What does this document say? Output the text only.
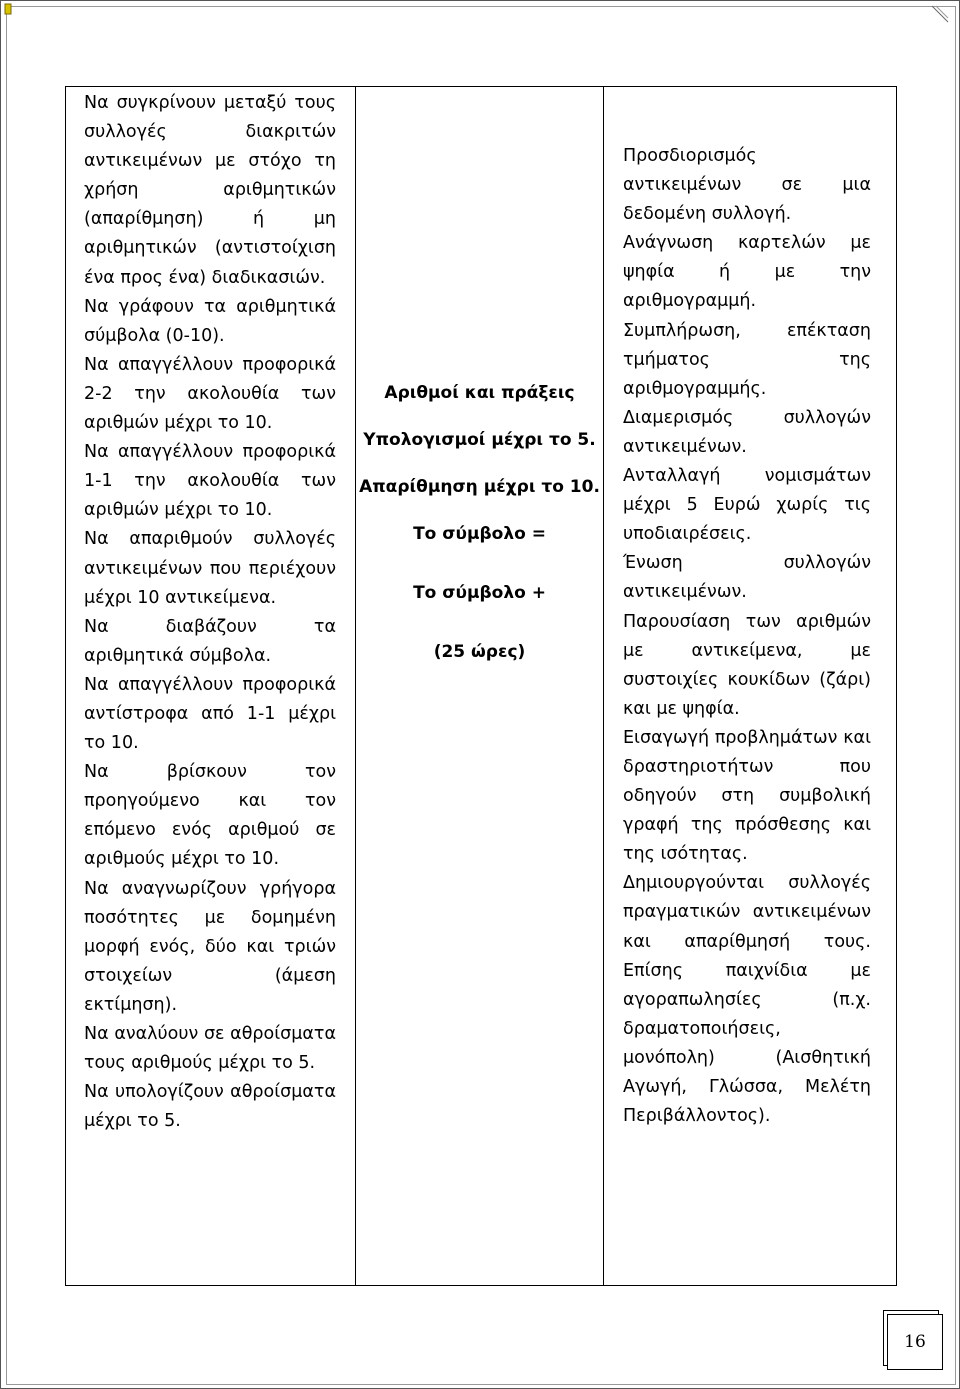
Να συγκρίνουν μεταξύ τους συλλογές διακριτών αντικειμένων με στόχο τη χρήση αριθμητικών (απαρίθμηση) ή μη αριθμητικών (αντιστοίχιση ένα προς ένα) διαδικασιών.
Να γράφουν τα αριθμητικά σύμβολα (0-10).
Να απαγγέλλουν προφορικά 2-2 την ακολουθία των αριθμών μέχρι το 10.
Να απαγγέλλουν προφορικά 1-1 την ακολουθία των αριθμών μέχρι το 10.
Να απαριθμούν συλλογές αντικειμένων που περιέχουν μέχρι 10 αντικείμενα.
Να διαβάζουν τα αριθμητικά σύμβολα.
Να απαγγέλλουν προφορικά αντίστροφα από 1-1 μέχρι το 10.
Να βρίσκουν τον προηγούμενο και τον επόμενο ενός αριθμού σε αριθμούς μέχρι το 10.
Να αναγνωρίζουν γρήγορα ποσότητες με δομημένη μορφή ενός, δύο και τριών στοιχείων (άμεση εκτίμηση).
Να αναλύουν σε αθροίσματα τους αριθμούς μέχρι το 5.
Να υπολογίζουν αθροίσματα μέχρι το 5.

Αριθμοί και πράξεις

Υπολογισμοί μέχρι το 5.

Απαρίθμηση μέχρι το 10.

Το σύμβολο =

Το σύμβολο +

(25 ώρες)

Προσδιορισμός αντικειμένων σε μια δεδομένη συλλογή.
Ανάγνωση καρτελών με ψηφία ή με την αριθμογραμμή.
Συμπλήρωση, επέκταση τμήματος της αριθμογραμμής.
Διαμερισμός συλλογών αντικειμένων.
Ανταλλαγή νομισμάτων μέχρι 5 Ευρώ χωρίς τις υποδιαιρέσεις.
Ένωση συλλογών αντικειμένων.
Παρουσίαση των αριθμών με αντικείμενα, με συστοιχίες κουκίδων (ζάρι) και με ψηφία.
Εισαγωγή προβλημάτων και δραστηριοτήτων που οδηγούν στη συμβολική γραφή της πρόσθεσης και της ισότητας.
Δημιουργούνται συλλογές πραγματικών αντικειμένων και απαρίθμησή τους. Επίσης παιχνίδια με αγοραπωλησίες (π.χ. δραματοποιήσεις, μονόπολη) (Αισθητική Αγωγή, Γλώσσα, Μελέτη Περιβάλλοντος).
16
